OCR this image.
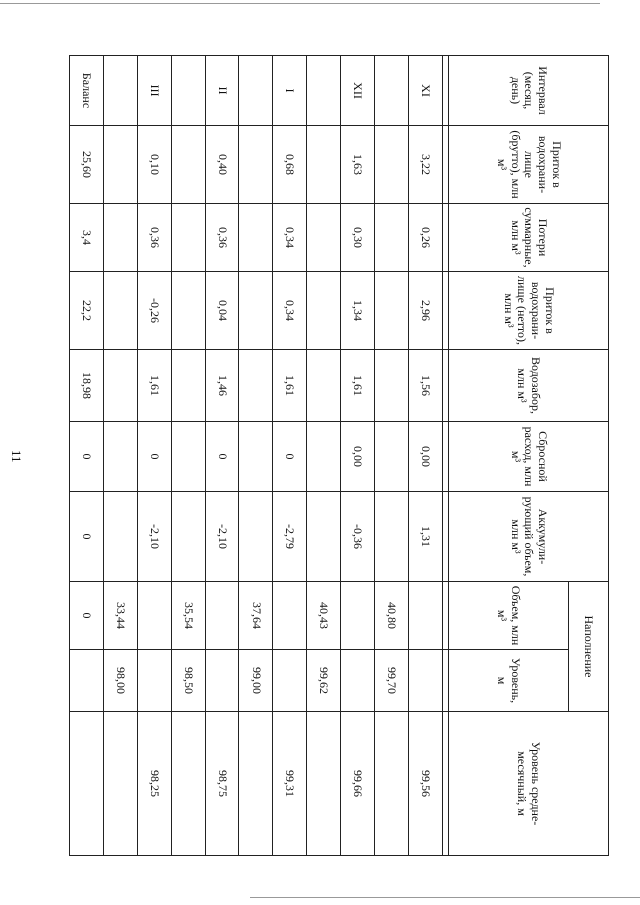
11
Интервал (месяц, день)	Приток в водохрани-лище (брутто), млн м³	Потери суммарные, млн м³	Приток в водохрани-лище (нетто), млн м³	Водозабор, млн м³	Сбросной расход, млн м³	Аккумули-рующий объем, млн м³	Наполнение		Уровень средне-месячный, м
							Объем, млн м³	Уровень, м	

XI	3,22	0,26	2,96	1,56	0,00	1,31			99,56
							40,80	99,70	
XII	1,63	0,30	1,34	1,61	0,00	-0,36			99,66
							40,43	99,62	
I	0,68	0,34	0,34	1,61	0	-2,79			99,31
							37,64	99,00	
II	0,40	0,36	0,04	1,46	0	-2,10			98,75
							35,54	98,50	
III	0,10	0,36	-0,26	1,61	0	-2,10			98,25
							33,44	98,00	
Баланс	25,60	3,4	22,2	18,98	0	0	0		
